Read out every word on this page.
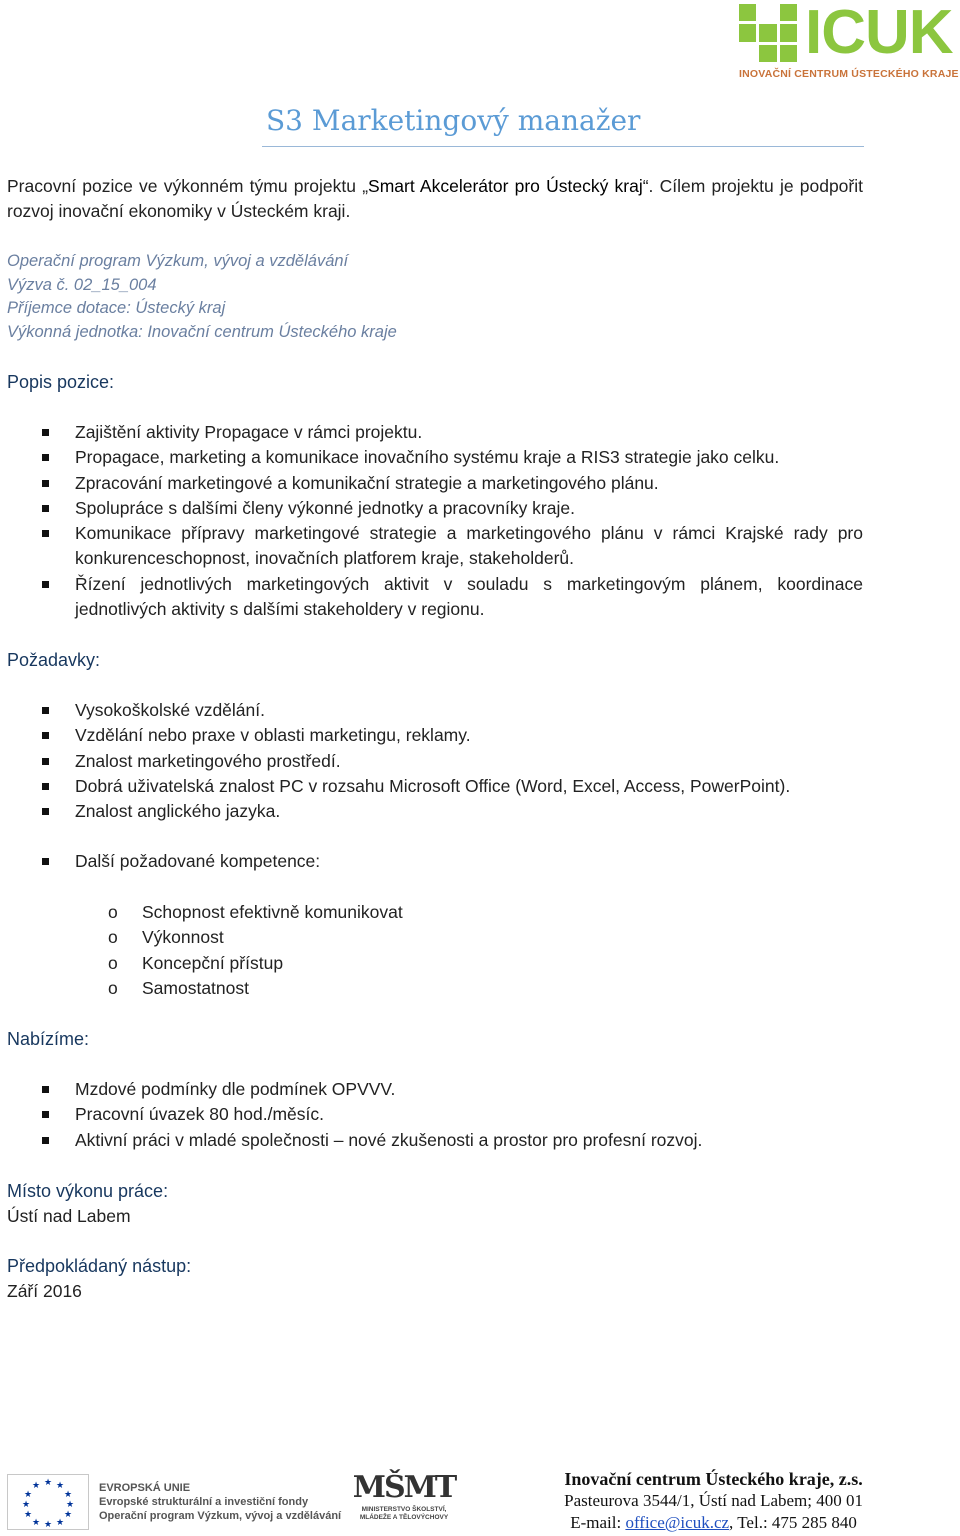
ICUK
INOVAČNÍ CENTRUM ÚSTECKÉHO KRAJE
S3 Marketingový manažer

Pracovní pozice ve výkonném týmu projektu „Smart Akcelerátor pro Ústecký kraj“. Cílem projektu je podpořit rozvoj inovační ekonomiky v Ústeckém kraji.

Operační program Výzkum, vývoj a vzdělávání
Výzva č. 02_15_004
Příjemce dotace: Ústecký kraj
Výkonná jednotka: Inovační centrum Ústeckého kraje
Popis pozice:
Zajištění aktivity Propagace v rámci projektu.
Propagace, marketing a komunikace inovačního systému kraje a RIS3 strategie jako celku.
Zpracování marketingové a komunikační strategie a marketingového plánu.
Spolupráce s dalšími členy výkonné jednotky a pracovníky kraje.
Komunikace přípravy marketingové strategie a marketingového plánu v rámci Krajské rady pro konkurenceschopnost, inovačních platforem kraje, stakeholderů.
Řízení jednotlivých marketingových aktivit v souladu s marketingovým plánem, koordinace jednotlivých aktivity s dalšími stakeholdery v regionu.
Požadavky:
Vysokoškolské vzdělání.
Vzdělání nebo praxe v oblasti marketingu, reklamy.
Znalost marketingového prostředí.
Dobrá uživatelská znalost PC v rozsahu Microsoft Office (Word, Excel, Access, PowerPoint).
Znalost anglického jazyka.
Další požadované kompetence:
o Schopnost efektivně komunikovat
o Výkonnost
o Koncepční přístup
o Samostatnost
Nabízíme:
Mzdové podmínky dle podmínek OPVVV.
Pracovní úvazek 80 hod./měsíc.
Aktivní práci v mladé společnosti – nové zkušenosti a prostor pro profesní rozvoj.
Místo výkonu práce:
Ústí nad Labem
Předpokládaný nástup:
Září 2016
★ ★
★
★
★
★
★
★
★
★
★
★	EVROPSKÁ UNIE
Evropské strukturální a investiční fondy
Operační program Výzkum, vývoj a vzdělávání
MŠMT
MINISTERSTVO ŠKOLSTVÍ,
MLÁDEŽE A TĚLOVÝCHOVY
Inovační centrum Ústeckého kraje, z.s.
Pasteurova 3544/1, Ústí nad Labem; 400 01
E-mail: office@icuk.cz, Tel.: 475 285 840
